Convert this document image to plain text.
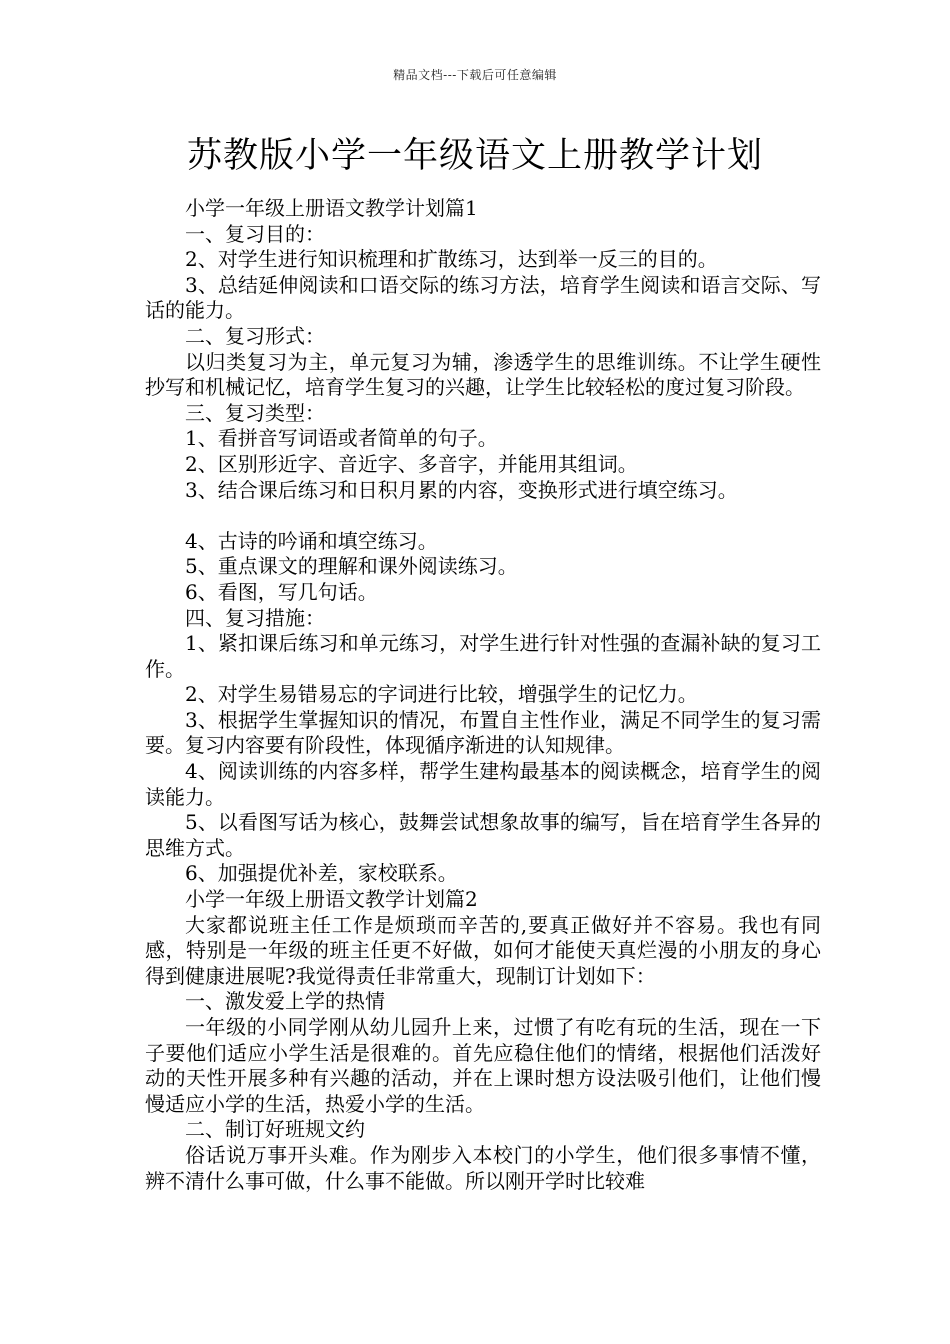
精品文档---下载后可任意编辑
苏教版小学一年级语文上册教学计划

小学一年级上册语文教学计划篇1

一、复习目的：

2、对学生进行知识梳理和扩散练习，达到举一反三的目的。

3、总结延伸阅读和口语交际的练习方法，培育学生阅读和语言交际、写话的能力。

二、复习形式：

以归类复习为主，单元复习为辅，渗透学生的思维训练。不让学生硬性抄写和机械记忆，培育学生复习的兴趣，让学生比较轻松的度过复习阶段。

三、复习类型：

1、看拼音写词语或者简单的句子。

2、区别形近字、音近字、多音字，并能用其组词。

3、结合课后练习和日积月累的内容，变换形式进行填空练习。

4、古诗的吟诵和填空练习。

5、重点课文的理解和课外阅读练习。

6、看图，写几句话。

四、复习措施：

1、紧扣课后练习和单元练习，对学生进行针对性强的查漏补缺的复习工作。

2、对学生易错易忘的字词进行比较，增强学生的记忆力。

3、根据学生掌握知识的情况，布置自主性作业，满足不同学生的复习需要。复习内容要有阶段性，体现循序渐进的认知规律。

4、阅读训练的内容多样，帮学生建构最基本的阅读概念，培育学生的阅读能力。

5、以看图写话为核心，鼓舞尝试想象故事的编写，旨在培育学生各异的思维方式。

6、加强提优补差，家校联系。

小学一年级上册语文教学计划篇2

大家都说班主任工作是烦琐而辛苦的,要真正做好并不容易。我也有同感，特别是一年级的班主任更不好做，如何才能使天真烂漫的小朋友的身心得到健康进展呢?我觉得责任非常重大，现制订计划如下：

一、激发爱上学的热情

一年级的小同学刚从幼儿园升上来，过惯了有吃有玩的生活，现在一下子要他们适应小学生活是很难的。首先应稳住他们的情绪，根据他们活泼好动的天性开展多种有兴趣的活动，并在上课时想方设法吸引他们，让他们慢慢适应小学的生活，热爱小学的生活。

二、制订好班规文约

俗话说万事开头难。作为刚步入本校门的小学生，他们很多事情不懂，辨不清什么事可做，什么事不能做。所以刚开学时比较难
